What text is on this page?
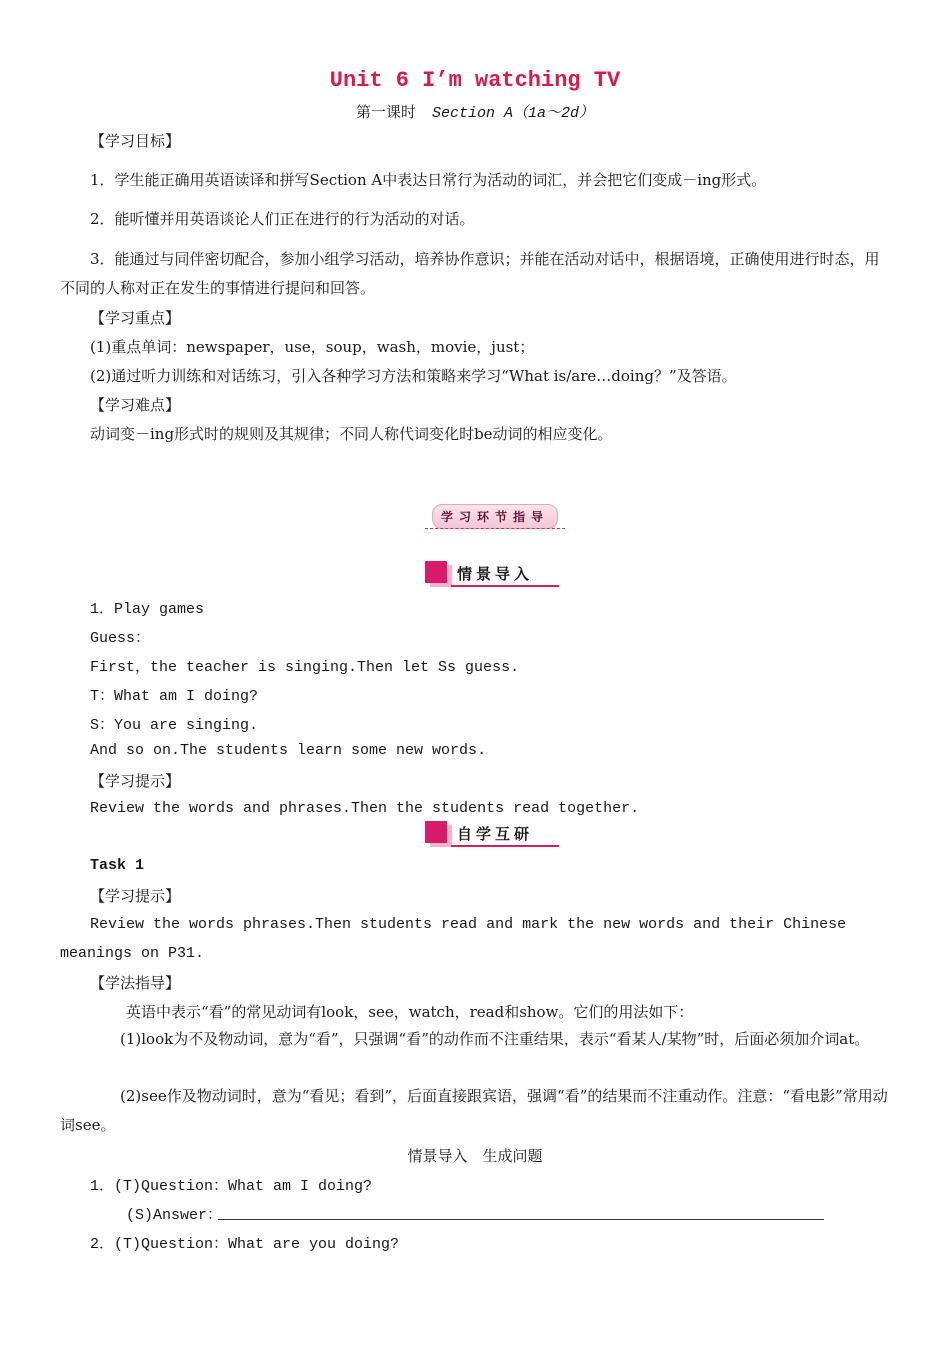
Unit 6 I’m watching TV
第一课时 Section A（1a～2d）
【学习目标】
1．学生能正确用英语读译和拼写Section A中表达日常行为活动的词汇，并会把它们变成－ing形式。
2．能听懂并用英语谈论人们正在进行的行为活动的对话。
3．能通过与同伴密切配合，参加小组学习活动，培养协作意识；并能在活动对话中，根据语境，正确使用进行时态，用不同的人称对正在发生的事情进行提问和回答。
【学习重点】
(1)重点单词：newspaper，use，soup，wash，movie，just；
(2)通过听力训练和对话练习，引入各种学习方法和策略来学习“What is/are…doing？”及答语。
【学习难点】
动词变－ing形式时的规则及其规律；不同人称代词变化时be动词的相应变化。
学习环节指导
情景导入
1．Play games
Guess：
First，the teacher is singing.Then let Ss guess.
T：What am I doing?
S：You are singing.
And so on.The students learn some new words.
【学习提示】
Review the words and phrases.Then the students read together.
自学互研
Task 1
【学习提示】
Review the words phrases.Then students read and mark the new words and their Chinese meanings on P31.
【学法指导】
英语中表示“看”的常见动词有look，see，watch，read和show。它们的用法如下：
(1)look为不及物动词，意为“看”，只强调“看”的动作而不注重结果，表示“看某人/某物”时，后面必须加介词at。
(2)see作及物动词时，意为“看见；看到”，后面直接跟宾语，强调“看”的结果而不注重动作。注意：“看电影”常用动词see。
情景导入　生成问题
1．(T)Question：What am I doing?
(S)Answer：
2．(T)Question：What are you doing?
